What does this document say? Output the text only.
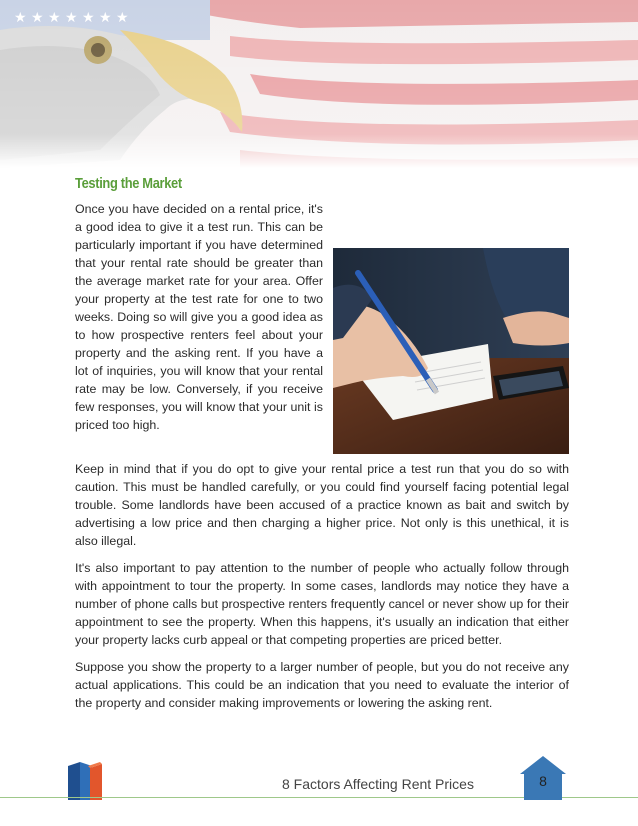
Testing the Market

Once you have decided on a rental price, it's a good idea to give it a test run. This can be particularly important if you have determined that your rental rate should be greater than the average market rate for your area. Offer your property at the test rate for one to two weeks. Doing so will give you a good idea as to how prospective renters feel about your property and the asking rent. If you have a lot of inquiries, you will know that your rental rate may be low. Conversely, if you receive few responses, you will know that your unit is priced too high.

Keep in mind that if you do opt to give your rental price a test run that you do so with caution. This must be handled carefully, or you could find yourself facing potential legal trouble. Some landlords have been accused of a practice known as bait and switch by advertising a low price and then charging a higher price. Not only is this unethical, it is also illegal.

It's also important to pay attention to the number of people who actually follow through with appointment to tour the property. In some cases, landlords may notice they have a number of phone calls but prospective renters frequently cancel or never show up for their appointment to see the property. When this happens, it's usually an indication that either your property lacks curb appeal or that competing properties are priced better.

Suppose you show the property to a larger number of people, but you do not receive any actual applications. This could be an indication that you need to evaluate the interior of the property and consider making improvements or lowering the asking rent.

8 Factors Affecting Rent Prices	8
